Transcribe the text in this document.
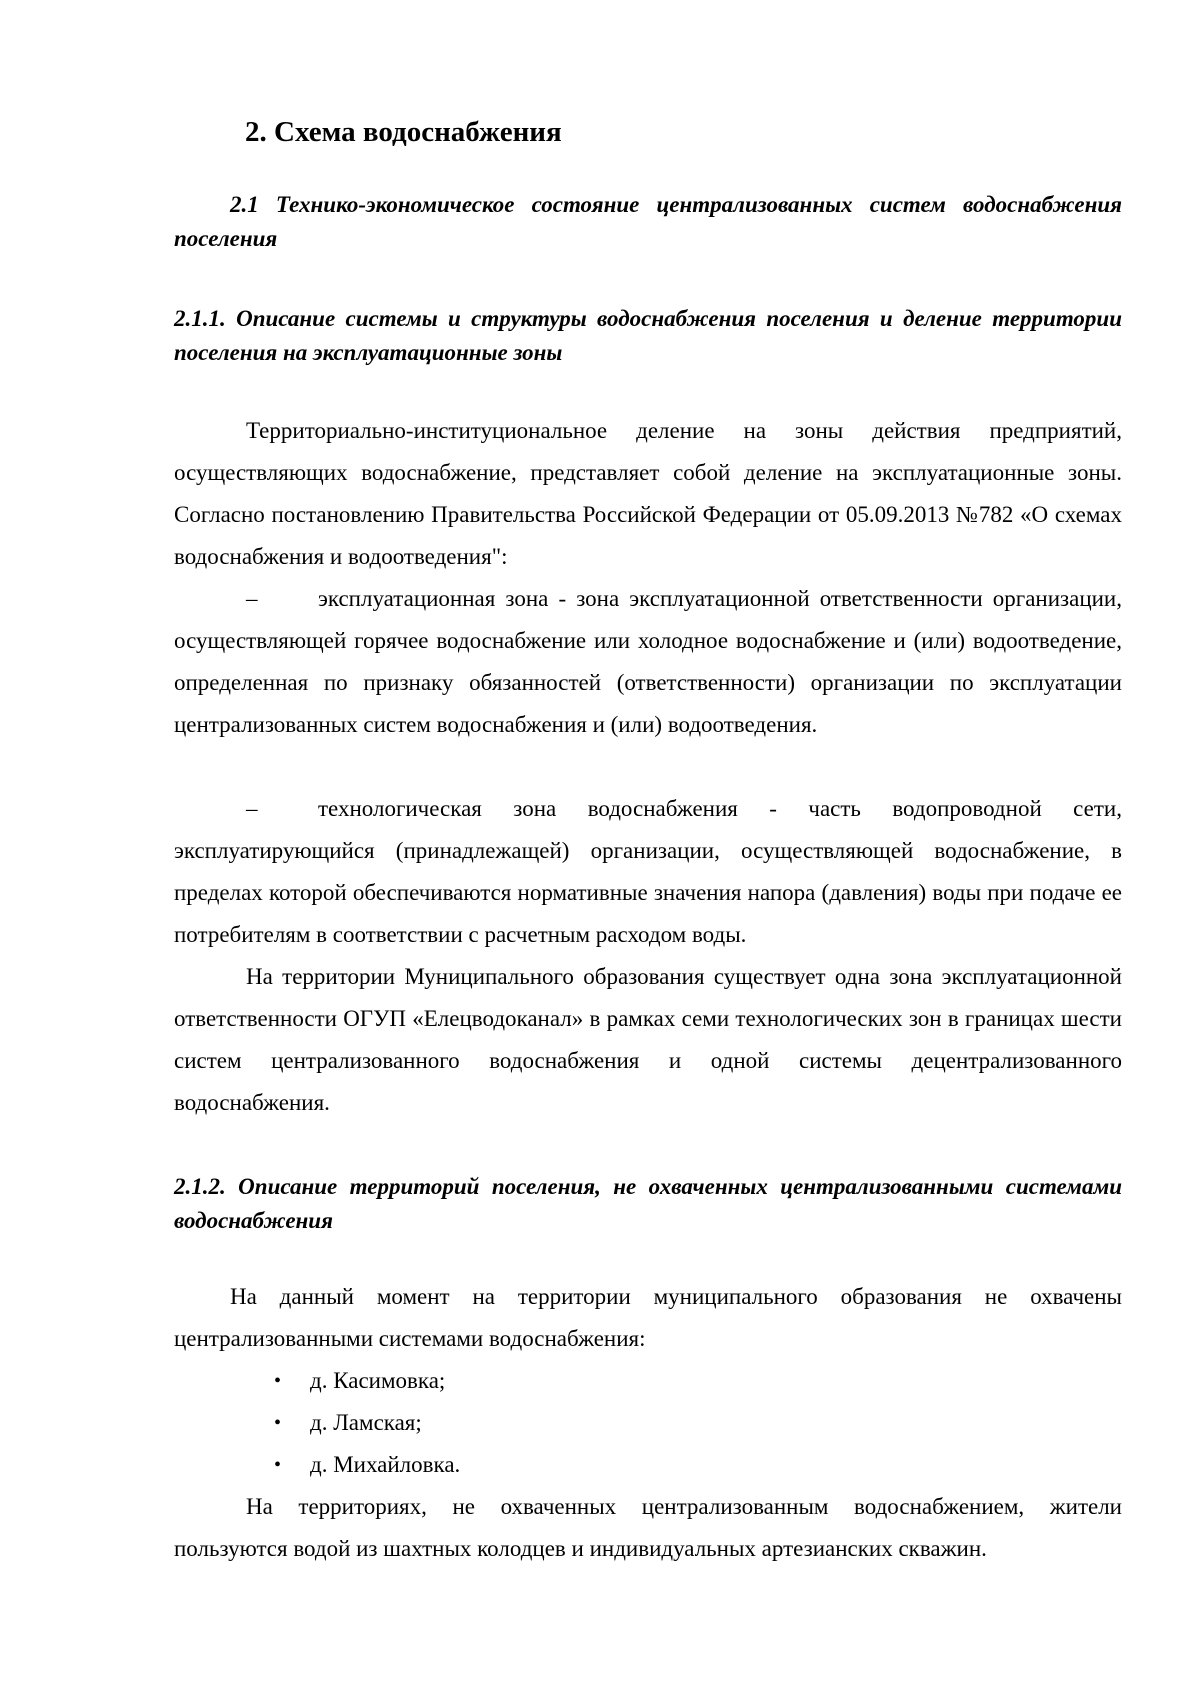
2. Схема водоснабжения

2.1 Технико-экономическое состояние централизованных систем водоснабжения поселения

2.1.1. Описание системы и структуры водоснабжения поселения и деление территории поселения на эксплуатационные зоны

Территориально-институциональное деление на зоны действия предприятий, осуществляющих водоснабжение, представляет собой деление на эксплуатационные зоны. Согласно постановлению Правительства Российской Федерации от 05.09.2013 №782 «О схемах водоснабжения и водоотведения":

–	эксплуатационная зона - зона эксплуатационной ответственности организации, осуществляющей горячее водоснабжение или холодное водоснабжение и (или) водоотведение, определенная по признаку обязанностей (ответственности) организации по эксплуатации централизованных систем водоснабжения и (или) водоотведения.

–	технологическая зона водоснабжения - часть водопроводной сети, эксплуатирующийся (принадлежащей) организации, осуществляющей водоснабжение, в пределах которой обеспечиваются нормативные значения напора (давления) воды при подаче ее потребителям в соответствии с расчетным расходом воды.

На территории Муниципального образования существует одна зона эксплуатационной ответственности ОГУП «Елецводоканал» в рамках семи технологических зон в границах шести систем централизованного водоснабжения и одной системы децентрализованного водоснабжения.

2.1.2. Описание территорий поселения, не охваченных централизованными системами водоснабжения

На данный момент на территории муниципального образования не охвачены централизованными системами водоснабжения:

• д. Касимовка;
• д. Ламская;
• д. Михайловка.

На территориях, не охваченных централизованным водоснабжением, жители пользуются водой из шахтных колодцев и индивидуальных артезианских скважин.
